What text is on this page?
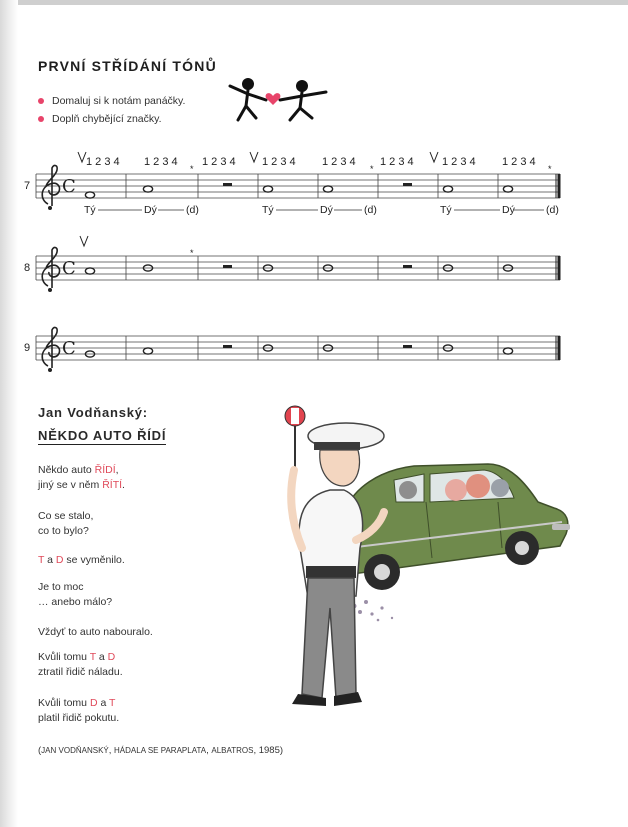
PRVNÍ STŘÍDÁNÍ TÓNŮ
Domaluj si k notám panáčky.
Doplň chybějící značky.
C
*	*	*
C
*
C
7
8
9
1 2 3 4 1 2 3 4 1 2 3 4 1 2 3 4 1 2 3 4 1 2 3 4	1 2 3 4 1 2 3 4
Tý	Dý	(d)	Tý	Dý	(d)	Tý	Dý	(d)
Jan Vodňanský:
NĚKDO AUTO ŘÍDÍ
Někdo auto ŘÍDÍ,
jiný se v něm ŘÍTÍ.
Co se stalo,
co to bylo?
T a D se vyměnilo.
Je to moc
… anebo málo?
Vždyť to auto nabouralo.
Kvůli tomu T a D
ztratil řidič náladu.
Kvůli tomu D a T
platil řidič pokutu.
(JAN VODŇANSKÝ, HÁDALA SE PARAPLATA, ALBATROS, 1985)
